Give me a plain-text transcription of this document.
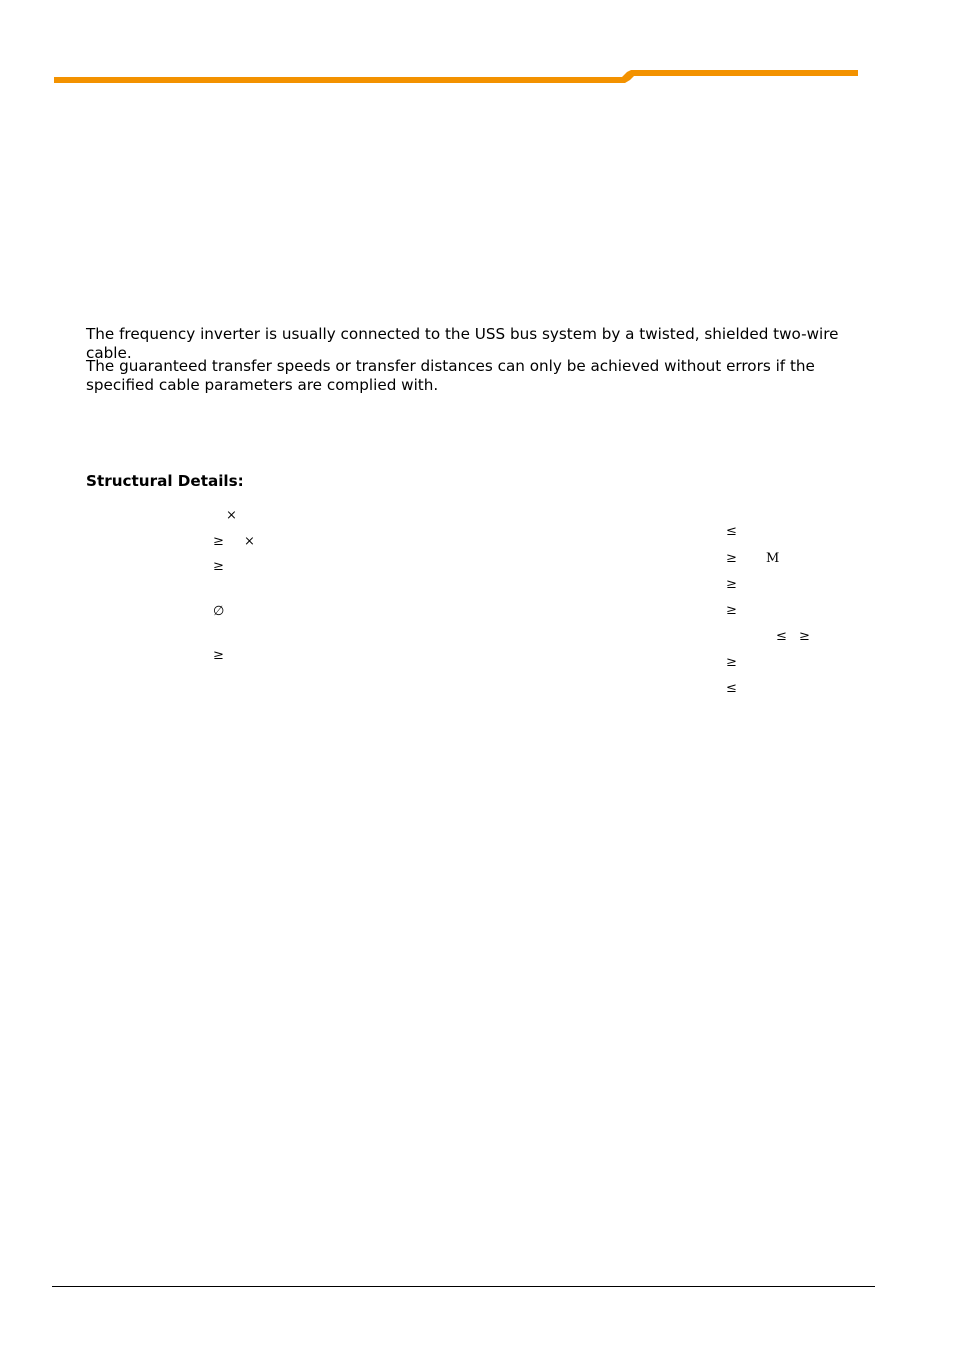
The frequency inverter is usually connected to the USS bus system by a twisted, shielded two-wire cable.

The guaranteed transfer speeds or transfer distances can only be achieved without errors if the specified cable parameters are complied with.

Structural Details:

×
≥ ×
≥
∅
≥
≤
≥ M
≥
≥
≤ ≥
≥
≤
